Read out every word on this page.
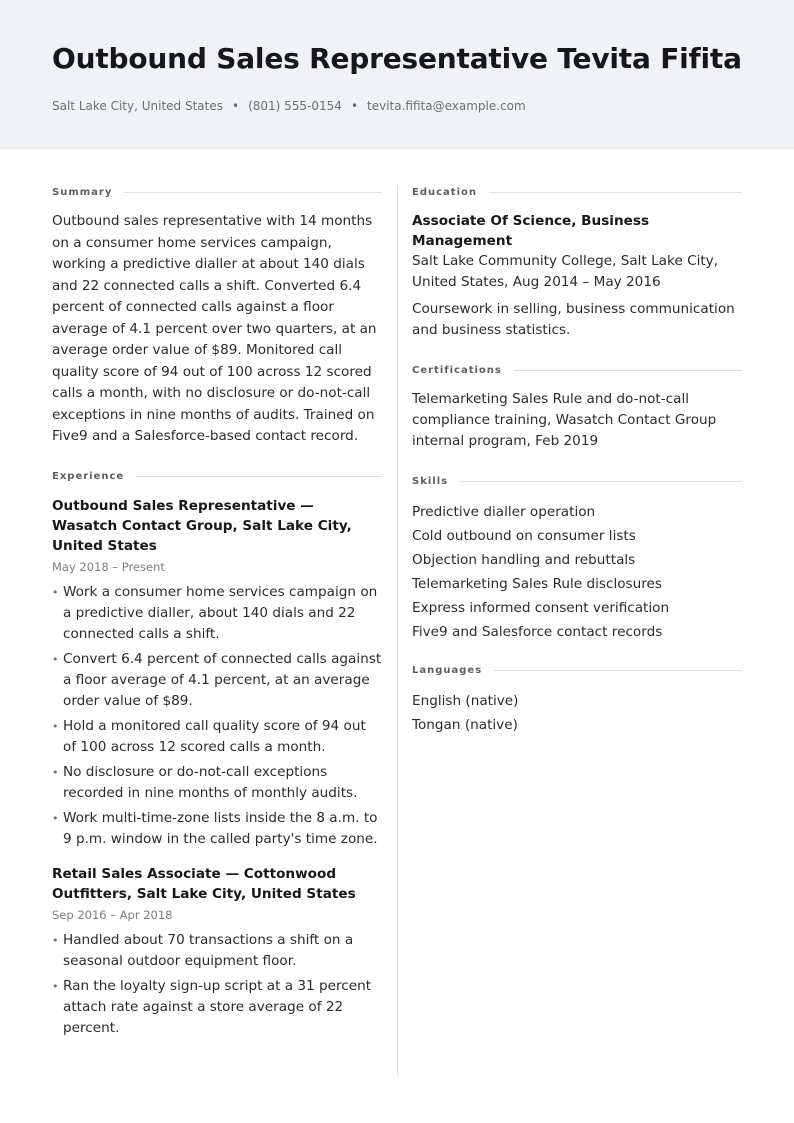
Outbound Sales Representative Tevita Fifita
Salt Lake City, United States • (801) 555-0154 • tevita.fifita@example.com
Summary

Outbound sales representative with 14 months on a consumer home services campaign, working a predictive dialler at about 140 dials and 22 connected calls a shift. Converted 6.4 percent of connected calls against a floor average of 4.1 percent over two quarters, at an average order value of $89. Monitored call quality score of 94 out of 100 across 12 scored calls a month, with no disclosure or do-not-call exceptions in nine months of audits. Trained on Five9 and a Salesforce-based contact record.

Experience

Outbound Sales Representative — Wasatch Contact Group, Salt Lake City, United States

May 2018 – Present
• Work a consumer home services campaign on a predictive dialler, about 140 dials and 22 connected calls a shift.
• Convert 6.4 percent of connected calls against a floor average of 4.1 percent, at an average order value of $89.
• Hold a monitored call quality score of 94 out of 100 across 12 scored calls a month.
• No disclosure or do-not-call exceptions recorded in nine months of monthly audits.
• Work multi-time-zone lists inside the 8 a.m. to 9 p.m. window in the called party's time zone.

Retail Sales Associate — Cottonwood Outfitters, Salt Lake City, United States

Sep 2016 – Apr 2018
• Handled about 70 transactions a shift on a seasonal outdoor equipment floor.
• Ran the loyalty sign-up script at a 31 percent attach rate against a store average of 22 percent.
Education

Associate Of Science, Business Management

Salt Lake Community College, Salt Lake City, United States, Aug 2014 – May 2016

Coursework in selling, business communication and business statistics.

Certifications

Telemarketing Sales Rule and do-not-call compliance training, Wasatch Contact Group internal program, Feb 2019

Skills
Predictive dialler operation
Cold outbound on consumer lists
Objection handling and rebuttals
Telemarketing Sales Rule disclosures
Express informed consent verification
Five9 and Salesforce contact records
Languages
English (native)
Tongan (native)
